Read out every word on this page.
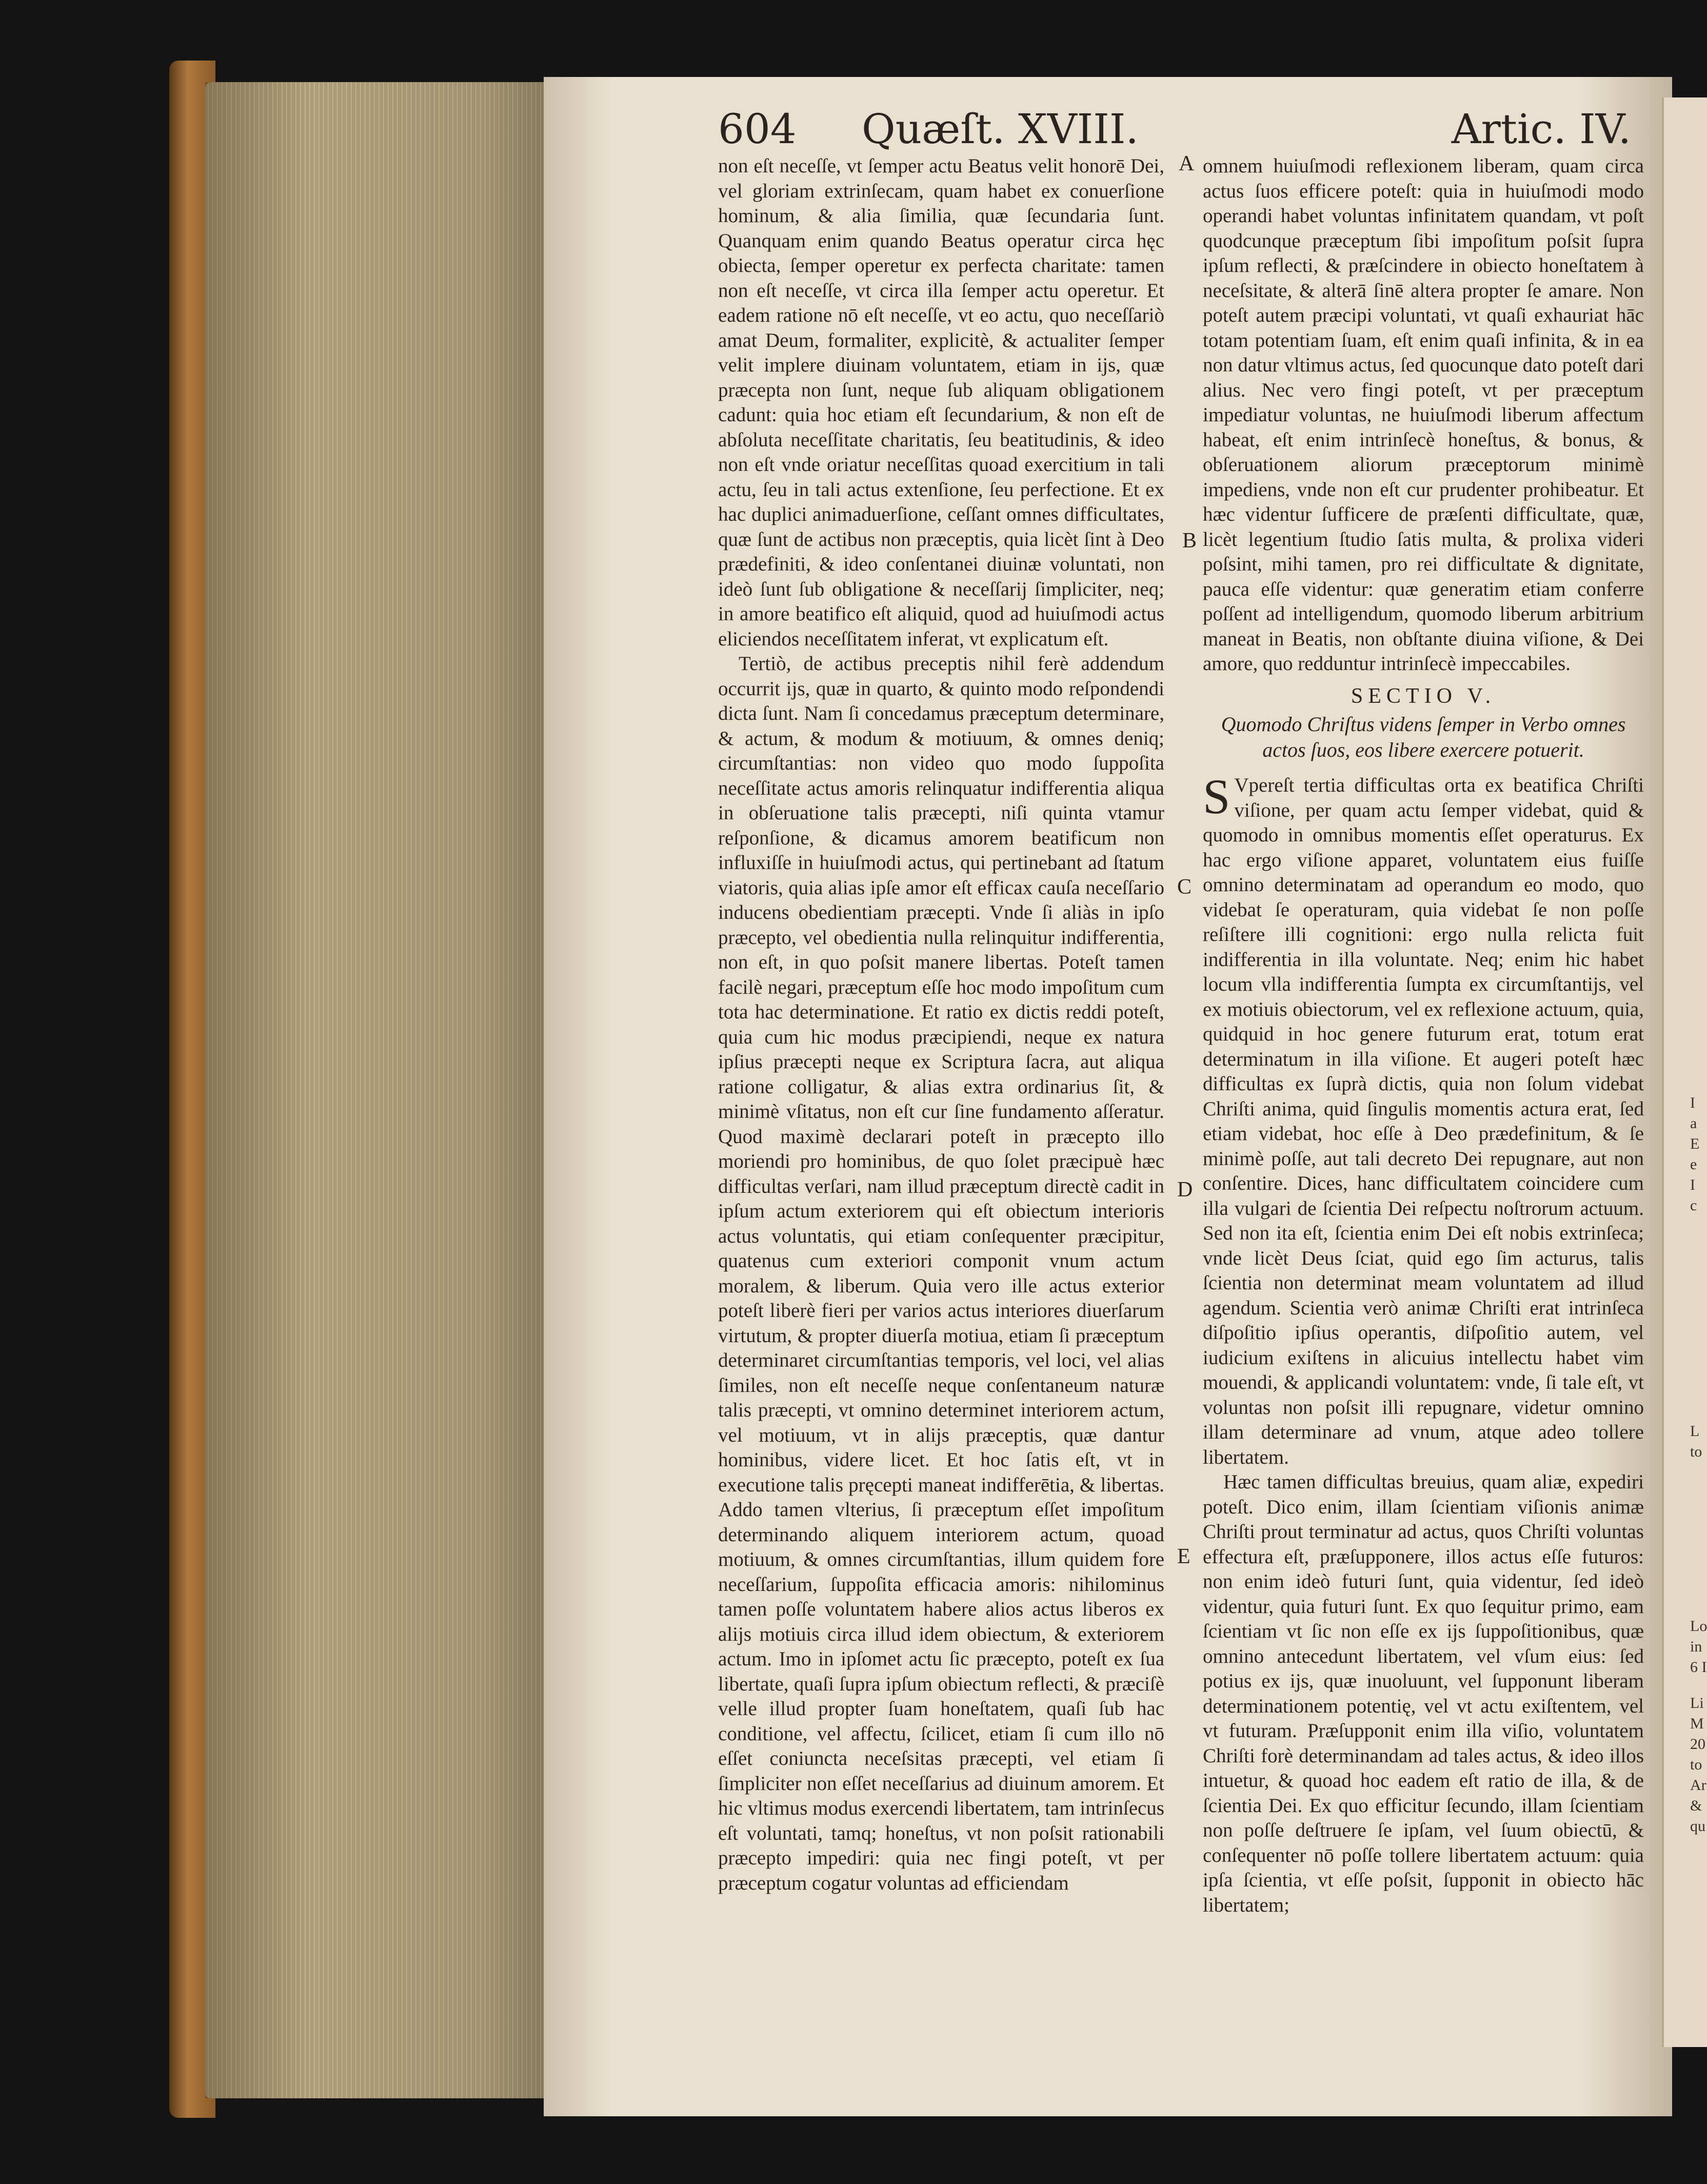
604 Quæſt. XVIII.	Artic. IV.
A
B
C
D
E

non eſt neceſſe, vt ſemper actu Beatus velit honorē Dei, vel gloriam extrinſecam, quam habet ex conuerſione hominum, & alia ſimilia, quæ ſecundaria ſunt. Quanquam enim quando Beatus operatur circa hęc obiecta, ſemper operetur ex perfecta charitate: tamen non eſt neceſſe, vt circa illa ſemper actu operetur. Et eadem ratione nō eſt neceſſe, vt eo actu, quo neceſſariò amat Deum, formaliter, explicitè, & actualiter ſemper velit implere diuinam voluntatem, etiam in ijs, quæ præcepta non ſunt, neque ſub aliquam obligationem cadunt: quia hoc etiam eſt ſecundarium, & non eſt de abſoluta neceſſitate charitatis, ſeu beatitudinis, & ideo non eſt vnde oriatur neceſſitas quoad exercitium in tali actu, ſeu in tali actus extenſione, ſeu perfectione. Et ex hac duplici animaduerſione, ceſſant omnes difficultates, quæ ſunt de actibus non præceptis, quia licèt ſint à Deo prædefiniti, & ideo conſentanei diuinæ voluntati, non ideò ſunt ſub obligatione & neceſſarij ſimpliciter, neq; in amore beatifico eſt aliquid, quod ad huiuſmodi actus eliciendos neceſſitatem inferat, vt explicatum eſt.

Tertiò, de actibus preceptis nihil ferè addendum occurrit ijs, quæ in quarto, & quinto modo reſpondendi dicta ſunt. Nam ſi concedamus præceptum determinare, & actum, & modum & motiuum, & omnes deniq; circumſtantias: non video quo modo ſuppoſita neceſſitate actus amoris relinquatur indifferentia aliqua in obſeruatione talis præcepti, niſi quinta vtamur reſponſione, & dicamus amorem beatificum non influxiſſe in huiuſmodi actus, qui pertinebant ad ſtatum viatoris, quia alias ipſe amor eſt efficax cauſa neceſſario inducens obedientiam præcepti. Vnde ſi aliàs in ipſo præcepto, vel obedientia nulla relinquitur indifferentia, non eſt, in quo poſsit manere libertas. Poteſt tamen facilè negari, præceptum eſſe hoc modo impoſitum cum tota hac determinatione. Et ratio ex dictis reddi poteſt, quia cum hic modus præcipiendi, neque ex natura ipſius præcepti neque ex Scriptura ſacra, aut aliqua ratione colligatur, & alias extra ordinarius ſit, & minimè vſitatus, non eſt cur ſine fundamento aſſeratur. Quod maximè declarari poteſt in præcepto illo moriendi pro hominibus, de quo ſolet præcipuè hæc difficultas verſari, nam illud præceptum directè cadit in ipſum actum exteriorem qui eſt obiectum interioris actus voluntatis, qui etiam conſequenter præcipitur, quatenus cum exteriori componit vnum actum moralem, & liberum. Quia vero ille actus exterior poteſt liberè fieri per varios actus interiores diuerſarum virtutum, & propter diuerſa motiua, etiam ſi præceptum determinaret circumſtantias temporis, vel loci, vel alias ſimiles, non eſt neceſſe neque conſentaneum naturæ talis præcepti, vt omnino determinet interiorem actum, vel motiuum, vt in alijs præceptis, quæ dantur hominibus, videre licet. Et hoc ſatis eſt, vt in executione talis pręcepti maneat indifferētia, & libertas. Addo tamen vlterius, ſi præceptum eſſet impoſitum determinando aliquem interiorem actum, quoad motiuum, & omnes circumſtantias, illum quidem fore neceſſarium, ſuppoſita efficacia amoris: nihilominus tamen poſſe voluntatem habere alios actus liberos ex alijs motiuis circa illud idem obiectum, & exteriorem actum. Imo in ipſomet actu ſic præcepto, poteſt ex ſua libertate, quaſi ſupra ipſum obiectum reflecti, & præciſè velle illud propter ſuam honeſtatem, quaſi ſub hac conditione, vel affectu, ſcilicet, etiam ſi cum illo nō eſſet coniuncta neceſsitas præcepti, vel etiam ſi ſimpliciter non eſſet neceſſarius ad diuinum amorem. Et hic vltimus modus exercendi libertatem, tam intrinſecus eſt voluntati, tamq; honeſtus, vt non poſsit rationabili præcepto impediri: quia nec fingi poteſt, vt per præceptum cogatur voluntas ad efficiendam

omnem huiuſmodi reflexionem liberam, quam circa actus ſuos efficere poteſt: quia in huiuſmodi modo operandi habet voluntas infinitatem quandam, vt poſt quodcunque præceptum ſibi impoſitum poſsit ſupra ipſum reflecti, & præſcindere in obiecto honeſtatem à neceſsitate, & alterā ſinē altera propter ſe amare. Non poteſt autem præcipi voluntati, vt quaſi exhauriat hāc totam potentiam ſuam, eſt enim quaſi infinita, & in ea non datur vltimus actus, ſed quocunque dato poteſt dari alius. Nec vero fingi poteſt, vt per præceptum impediatur voluntas, ne huiuſmodi liberum affectum habeat, eſt enim intrinſecè honeſtus, & bonus, & obſeruationem aliorum præceptorum minimè impediens, vnde non eſt cur prudenter prohibeatur. Et hæc videntur ſufficere de præſenti difficultate, quæ, licèt legentium ſtudio ſatis multa, & prolixa videri poſsint, mihi tamen, pro rei difficultate & dignitate, pauca eſſe videntur: quæ generatim etiam conferre poſſent ad intelligendum, quomodo liberum arbitrium maneat in Beatis, non obſtante diuina viſione, & Dei amore, quo redduntur intrinſecè impeccabiles.

SECTIO V.
Quomodo Chriſtus videns ſemper in Verbo omnes actos ſuos, eos libere exercere potuerit.

S Vpereſt tertia difficultas orta ex beatifica Chriſti viſione, per quam actu ſemper videbat, quid & quomodo in omnibus momentis eſſet operaturus. Ex hac ergo viſione apparet, voluntatem eius fuiſſe omnino determinatam ad operandum eo modo, quo videbat ſe operaturam, quia videbat ſe non poſſe reſiſtere illi cognitioni: ergo nulla relicta fuit indifferentia in illa voluntate. Neq; enim hic habet locum vlla indifferentia ſumpta ex circumſtantijs, vel ex motiuis obiectorum, vel ex reflexione actuum, quia, quidquid in hoc genere futurum erat, totum erat determinatum in illa viſione. Et augeri poteſt hæc difficultas ex ſuprà dictis, quia non ſolum videbat Chriſti anima, quid ſingulis momentis actura erat, ſed etiam videbat, hoc eſſe à Deo prædefinitum, & ſe minimè poſſe, aut tali decreto Dei repugnare, aut non conſentire. Dices, hanc difficultatem coincidere cum illa vulgari de ſcientia Dei reſpectu noſtrorum actuum. Sed non ita eſt, ſcientia enim Dei eſt nobis extrinſeca; vnde licèt Deus ſciat, quid ego ſim acturus, talis ſcientia non determinat meam voluntatem ad illud agendum. Scientia verò animæ Chriſti erat intrinſeca diſpoſitio ipſius operantis, diſpoſitio autem, vel iudicium exiſtens in alicuius intellectu habet vim mouendi, & applicandi voluntatem: vnde, ſi tale eſt, vt voluntas non poſsit illi repugnare, videtur omnino illam determinare ad vnum, atque adeo tollere libertatem.

Hæc tamen difficultas breuius, quam aliæ, expediri poteſt. Dico enim, illam ſcientiam viſionis animæ Chriſti prout terminatur ad actus, quos Chriſti voluntas effectura eſt, præſupponere, illos actus eſſe futuros: non enim ideò futuri ſunt, quia videntur, ſed ideò videntur, quia futuri ſunt. Ex quo ſequitur primo, eam ſcientiam vt ſic non eſſe ex ijs ſuppoſitionibus, quæ omnino antecedunt libertatem, vel vſum eius: ſed potius ex ijs, quæ inuoluunt, vel ſupponunt liberam determinationem potentię, vel vt actu exiſtentem, vel vt futuram. Præſupponit enim illa viſio, voluntatem Chriſti forè determinandam ad tales actus, & ideo illos intuetur, & quoad hoc eadem eſt ratio de illa, & de ſcientia Dei. Ex quo efficitur ſecundo, illam ſcientiam non poſſe deſtruere ſe ipſam, vel ſuum obiectū, & conſequenter nō poſſe tollere libertatem actuum: quia ipſa ſcientia, vt eſſe poſsit, ſupponit in obiecto hāc libertatem;

I
a
E
e
I
c
L
to
Lo
in
6 I
Li
M
20
to
Ar
&
qu
